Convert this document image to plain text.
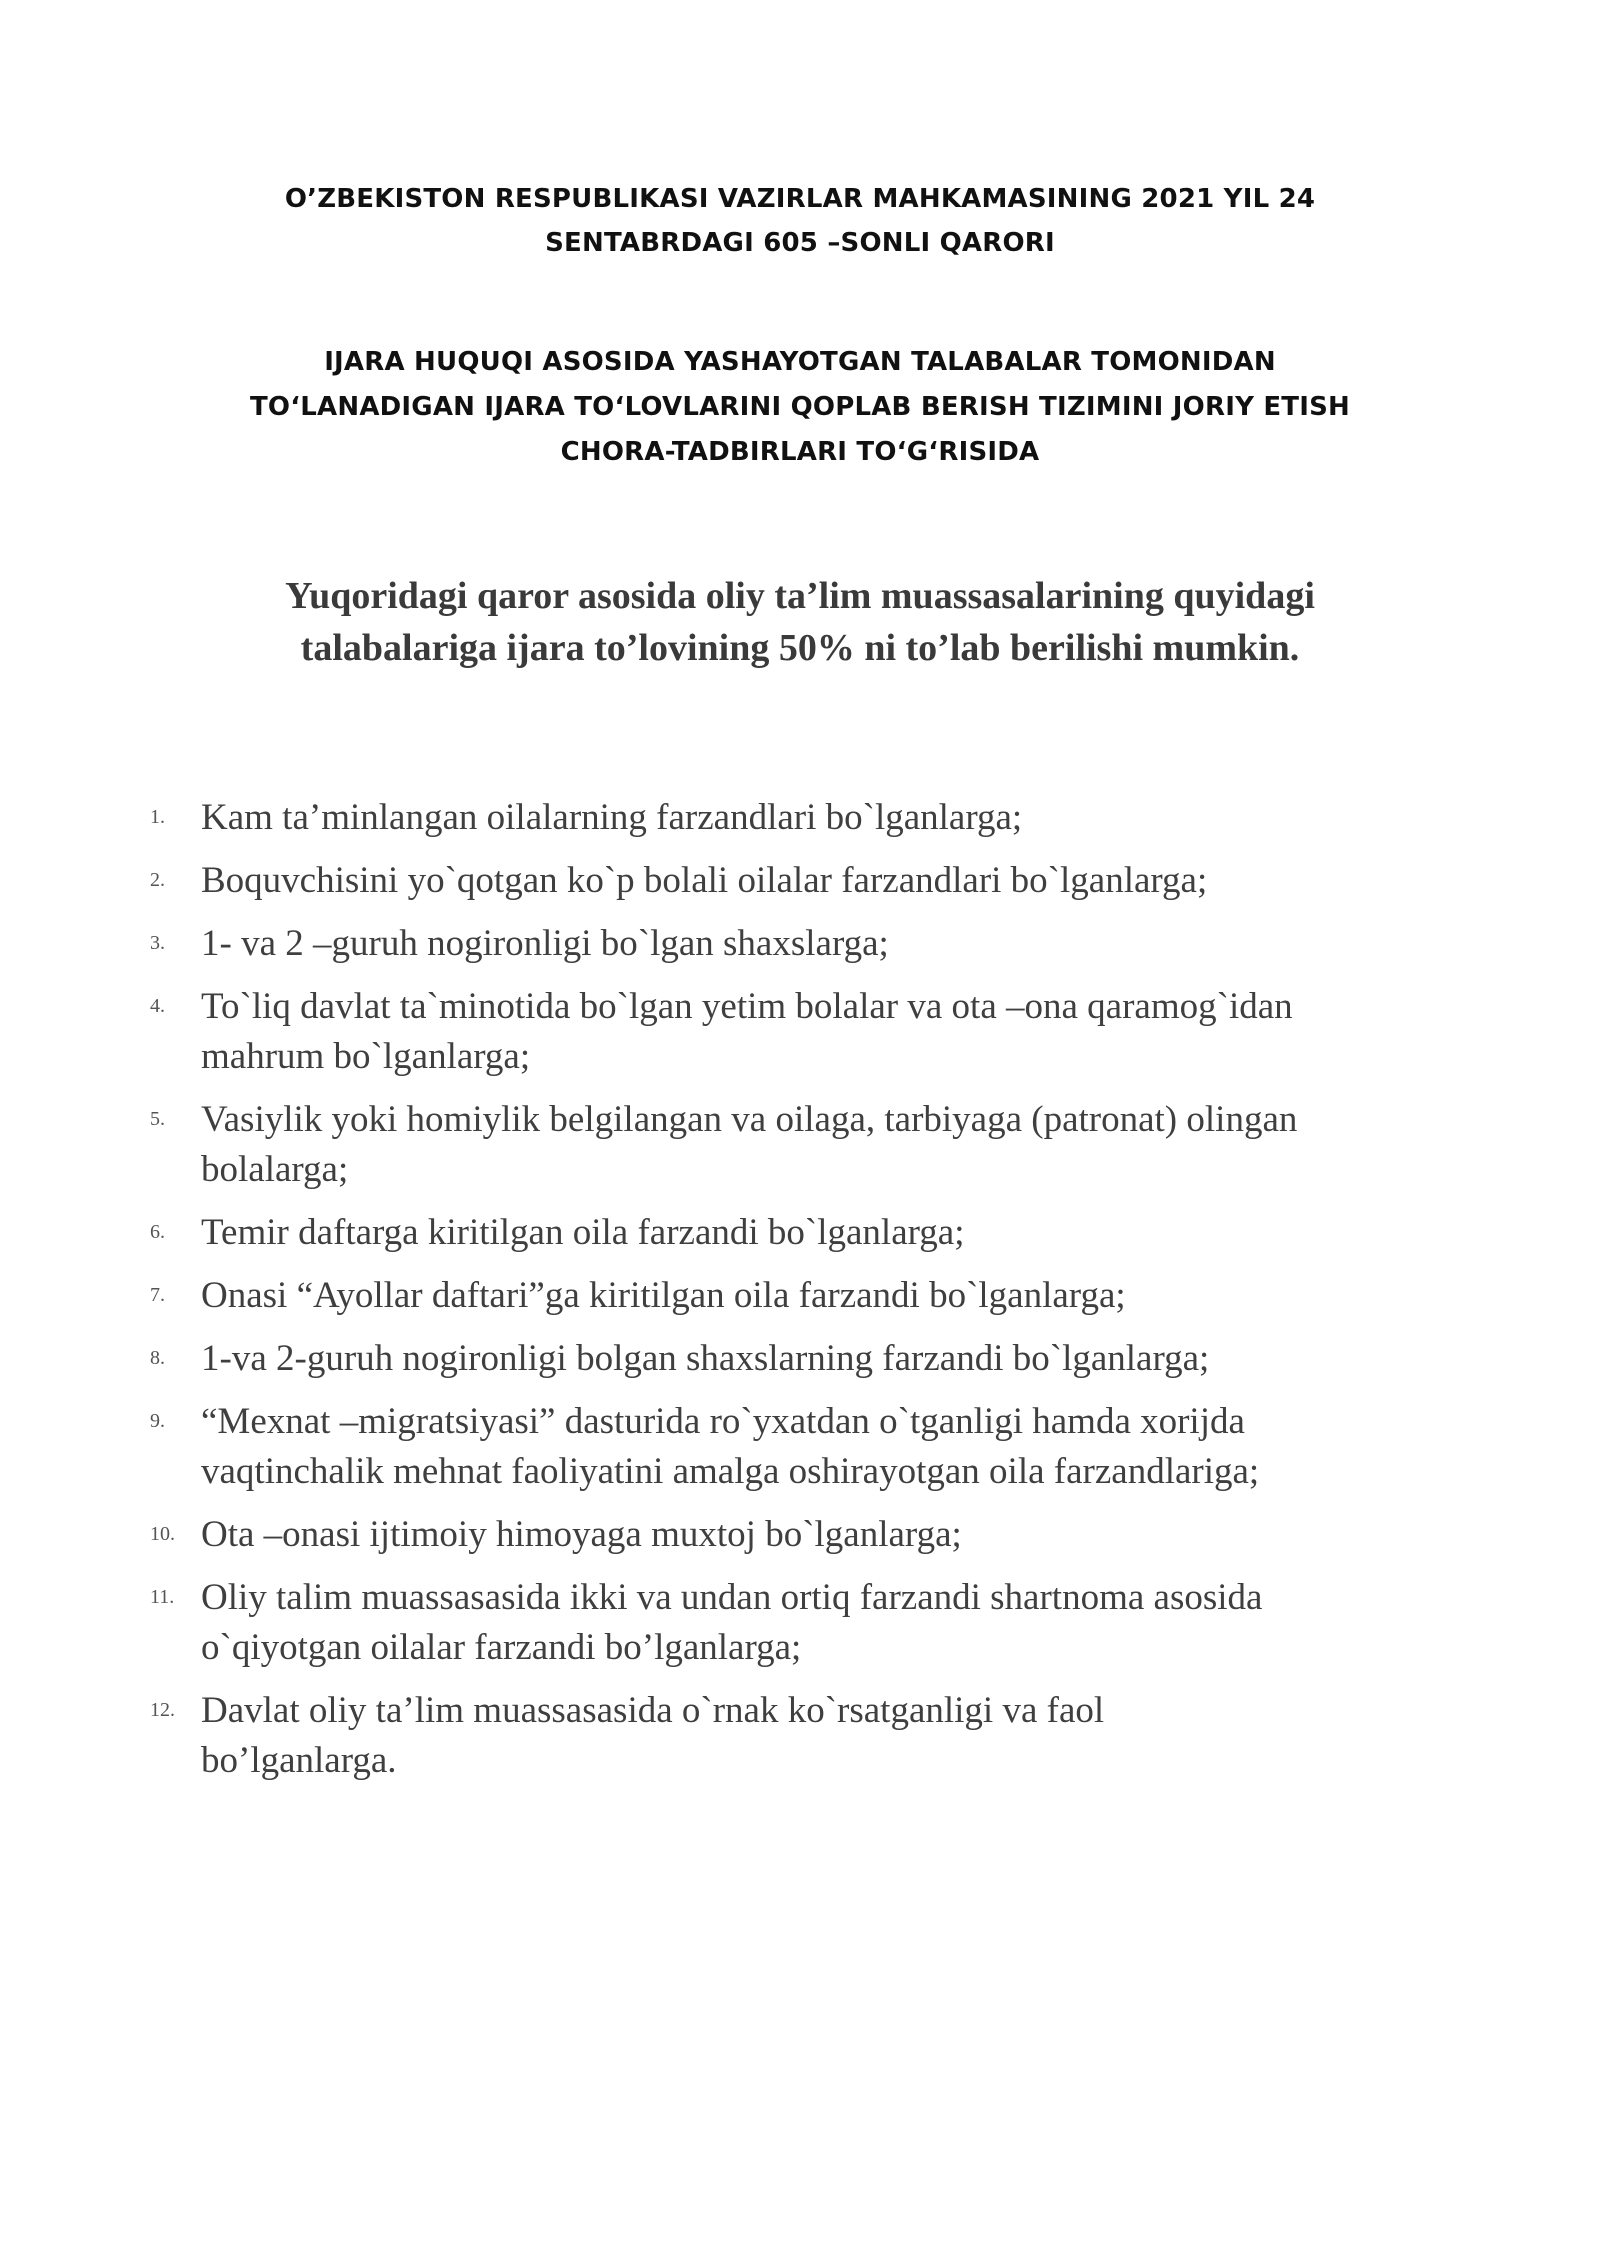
O’ZBEKISTON RESPUBLIKASI VAZIRLAR MAHKAMASINING 2021 YIL 24
SENTABRDAGI 605 –SONLI QARORI
IJARA HUQUQI ASOSIDA YASHAYOTGAN TALABALAR TOMONIDAN
TO‘LANADIGAN IJARA TO‘LOVLARINI QOPLAB BERISH TIZIMINI JORIY ETISH
CHORA-TADBIRLARI TO‘G‘RISIDA
Yuqoridagi qaror asosida oliy ta’lim muassasalarining quyidagi
talabalariga ijara to’lovining 50% ni to’lab berilishi mumkin.
1. Kam ta’minlangan oilalarning farzandlari bo`lganlarga;
2. Boquvchisini yo`qotgan ko`p bolali oilalar farzandlari bo`lganlarga;
3. 1- va 2 –guruh nogironligi bo`lgan shaxslarga;
4. To`liq davlat ta`minotida bo`lgan yetim bolalar va ota –ona qaramog`idan
mahrum bo`lganlarga;
5. Vasiylik yoki homiylik belgilangan va oilaga, tarbiyaga (patronat) olingan
bolalarga;
6. Temir daftarga kiritilgan oila farzandi bo`lganlarga;
7. Onasi “Ayollar daftari”ga kiritilgan oila farzandi bo`lganlarga;
8. 1-va 2-guruh nogironligi bolgan shaxslarning farzandi bo`lganlarga;
9. “Mexnat –migratsiyasi” dasturida ro`yxatdan o`tganligi hamda xorijda
vaqtinchalik mehnat faoliyatini amalga oshirayotgan oila farzandlariga;
10. Ota –onasi ijtimoiy himoyaga muxtoj bo`lganlarga;
11. Oliy talim muassasasida ikki va undan ortiq farzandi shartnoma asosida
o`qiyotgan oilalar farzandi bo’lganlarga;
12. Davlat oliy ta’lim muassasasida o`rnak ko`rsatganligi va faol
bo’lganlarga.
